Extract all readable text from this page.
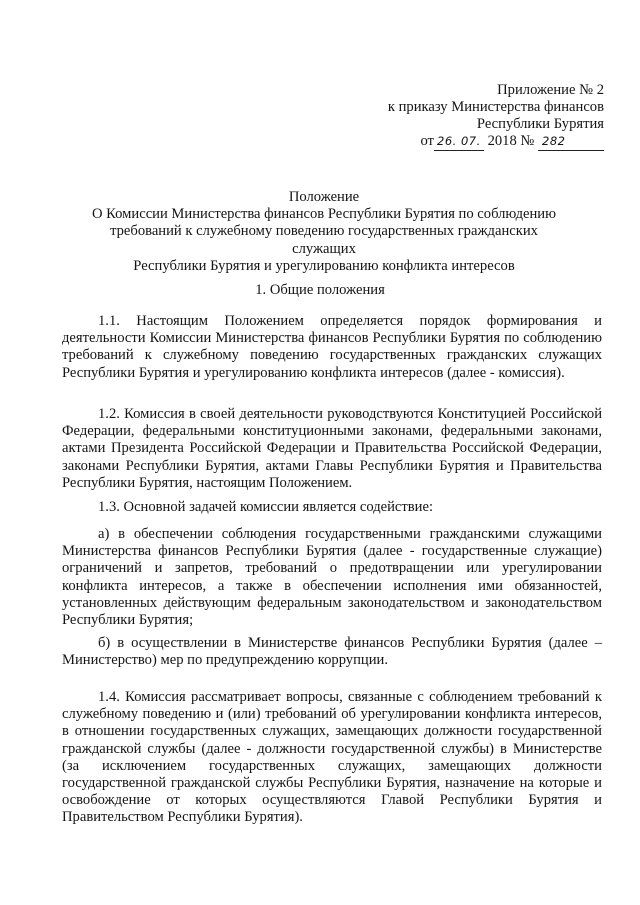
Приложение № 2
к приказу Министерства финансов
Республики Бурятия
от 26. 07. 2018 № 282
Положение
О Комиссии Министерства финансов Республики Бурятия по соблюдению
требований к служебному поведению государственных гражданских служащих
Республики Бурятия и урегулированию конфликта интересов
1. Общие положения
1.1. Настоящим Положением определяется порядок формирования и деятельности Комиссии Министерства финансов Республики Бурятия по соблюдению требований к служебному поведению государственных гражданских служащих Республики Бурятия и урегулированию конфликта интересов (далее - комиссия).
1.2. Комиссия в своей деятельности руководствуются Конституцией Российской Федерации, федеральными конституционными законами, федеральными законами, актами Президента Российской Федерации и Правительства Российской Федерации, законами Республики Бурятия, актами Главы Республики Бурятия и Правительства Республики Бурятия, настоящим Положением.
1.3. Основной задачей комиссии является содействие:
а) в обеспечении соблюдения государственными гражданскими служащими Министерства финансов Республики Бурятия (далее - государственные служащие) ограничений и запретов, требований о предотвращении или урегулировании конфликта интересов, а также в обеспечении исполнения ими обязанностей, установленных действующим федеральным законодательством и законодательством Республики Бурятия;
б) в осуществлении в Министерстве финансов Республики Бурятия (далее – Министерство) мер по предупреждению коррупции.
1.4. Комиссия рассматривает вопросы, связанные с соблюдением требований к служебному поведению и (или) требований об урегулировании конфликта интересов, в отношении государственных служащих, замещающих должности государственной гражданской службы (далее - должности государственной службы) в Министерстве (за исключением государственных служащих, замещающих должности государственной гражданской службы Республики Бурятия, назначение на которые и освобождение от которых осуществляются Главой Республики Бурятия и Правительством Республики Бурятия).
